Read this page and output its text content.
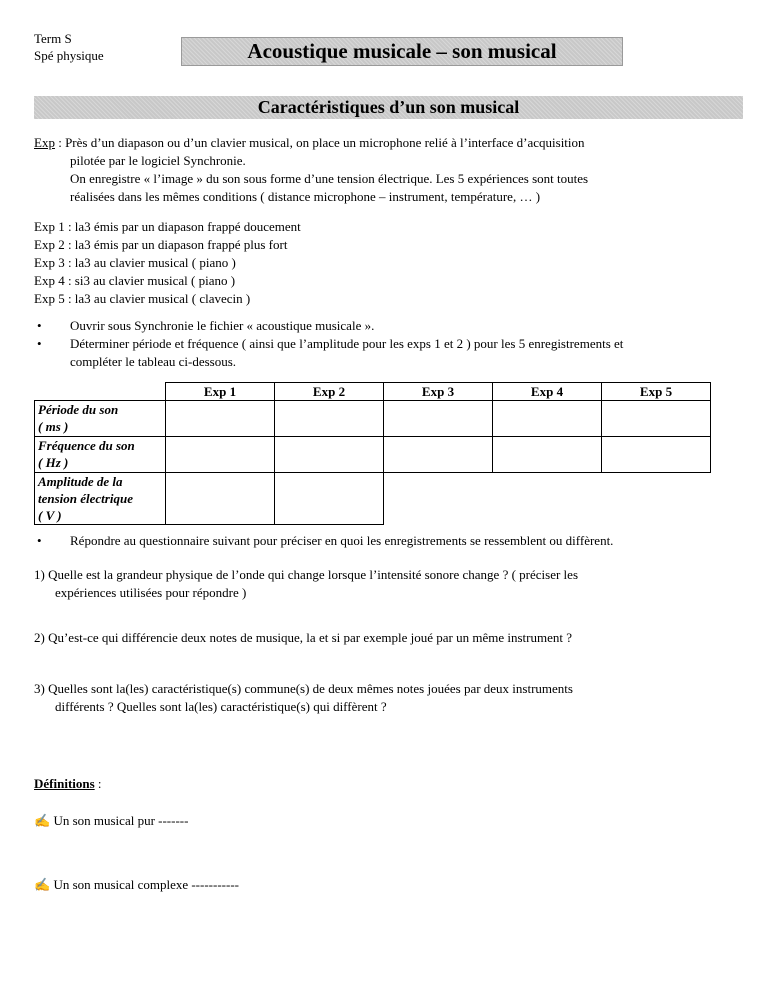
Term S
Spé physique	Acoustique musicale – son musical
Caractéristiques d’un son musical
Exp : Près d’un diapason ou d’un clavier musical, on place un microphone relié à l’interface d’acquisition
pilotée par le logiciel Synchronie.
On enregistre « l’image » du son sous forme d’une tension électrique. Les 5 expériences sont toutes
réalisées dans les mêmes conditions ( distance microphone – instrument, température, … )
Exp 1 : la3 émis par un diapason frappé doucement
Exp 2 : la3 émis par un diapason frappé plus fort
Exp 3 : la3 au clavier musical ( piano )
Exp 4 : si3 au clavier musical ( piano )
Exp 5 : la3 au clavier musical ( clavecin )
• Ouvrir sous Synchronie le fichier « acoustique musicale ».
• Déterminer période et fréquence ( ainsi que l’amplitude pour les exps 1 et 2 ) pour les 5 enregistrements et
compléter le tableau ci-dessous.
	Exp 1	Exp 2	Exp 3	Exp 4	Exp 5

Période du son
( ms )					

Fréquence du son
( Hz )					

Amplitude de la
tension électrique
( V )					

• Répondre au questionnaire suivant pour préciser en quoi les enregistrements se ressemblent ou diffèrent.
1) Quelle est la grandeur physique de l’onde qui change lorsque l’intensité sonore change ? ( préciser les
expériences utilisées pour répondre )
2) Qu’est-ce qui différencie deux notes de musique, la et si par exemple joué par un même instrument ?
3) Quelles sont la(les) caractéristique(s) commune(s) de deux mêmes notes jouées par deux instruments
différents ? Quelles sont la(les) caractéristique(s) qui diffèrent ?
Définitions :
✍ Un son musical pur -------
✍ Un son musical complexe -----------
